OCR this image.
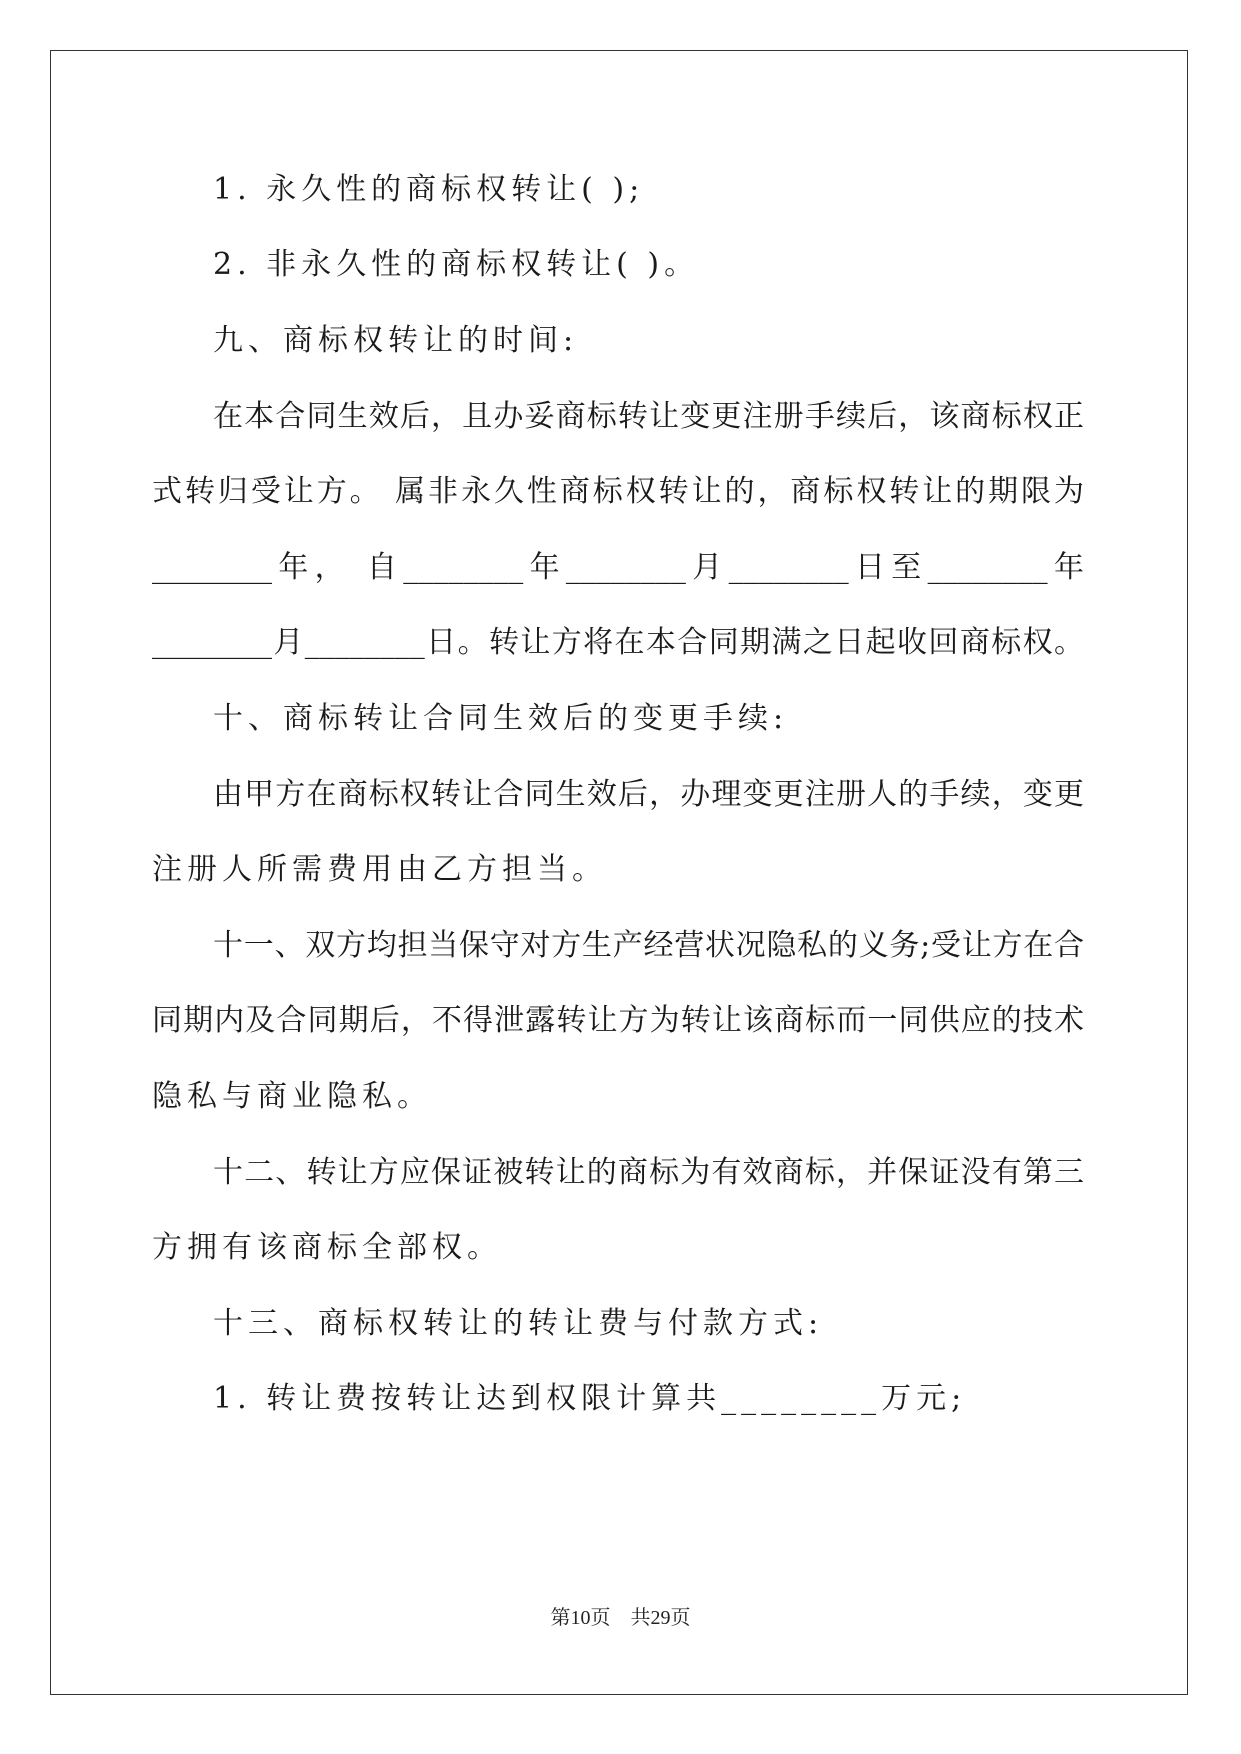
1. 永久性的商标权转让( );
2. 非永久性的商标权转让( )。
九、商标权转让的时间:
在本合同生效后，且办妥商标转让变更注册手续后，该商标权正
式转归受让方。 属非永久性商标权转让的，商标权转让的期限为
________年， 自________年________月________日至________年
________月________日。转让方将在本合同期满之日起收回商标权。
十、商标转让合同生效后的变更手续:
由甲方在商标权转让合同生效后，办理变更注册人的手续，变更
注册人所需费用由乙方担当。
十一、双方均担当保守对方生产经营状况隐私的义务;受让方在合
同期内及合同期后，不得泄露转让方为转让该商标而一同供应的技术
隐私与商业隐私。
十二、转让方应保证被转让的商标为有效商标，并保证没有第三
方拥有该商标全部权。
十三、商标权转让的转让费与付款方式:
1. 转让费按转让达到权限计算共________万元;
第10页　共29页
